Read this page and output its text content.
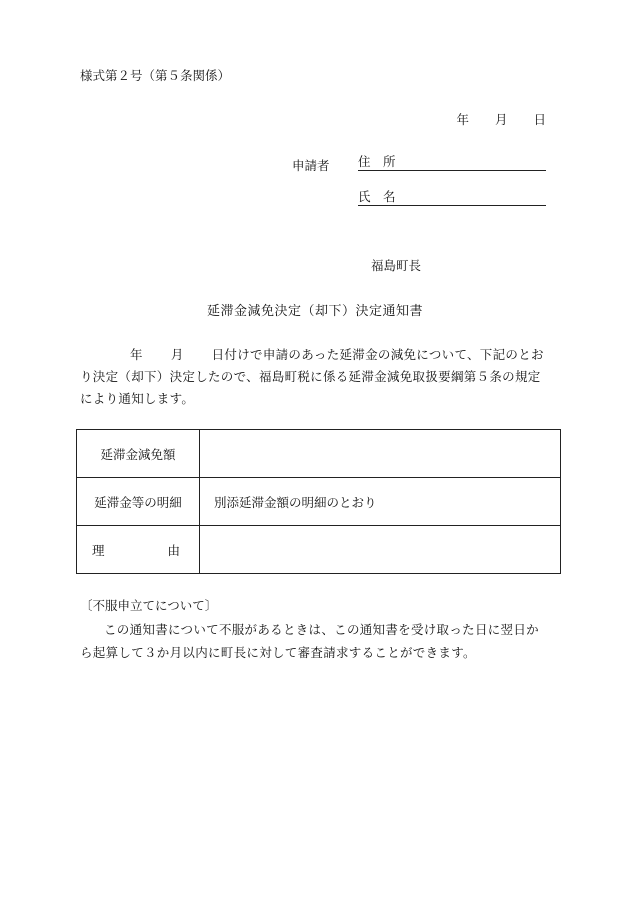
様式第２号（第５条関係）
年 月 日
申請者 住　所
氏　名
福島町長
延滞金減免決定（却下）決定通知書
年 月 日付けで申請のあった延滞金の減免について、下記のとおり決定（却下）決定したので、福島町税に係る延滞金減免取扱要綱第５条の規定により通知します。
延滞金減免額	
延滞金等の明細	別添延滞金額の明細のとおり

理 由	

〔不服申立てについて〕
この通知書について不服があるときは、この通知書を受け取った日に翌日から起算して３か月以内に町長に対して審査請求することができます。
